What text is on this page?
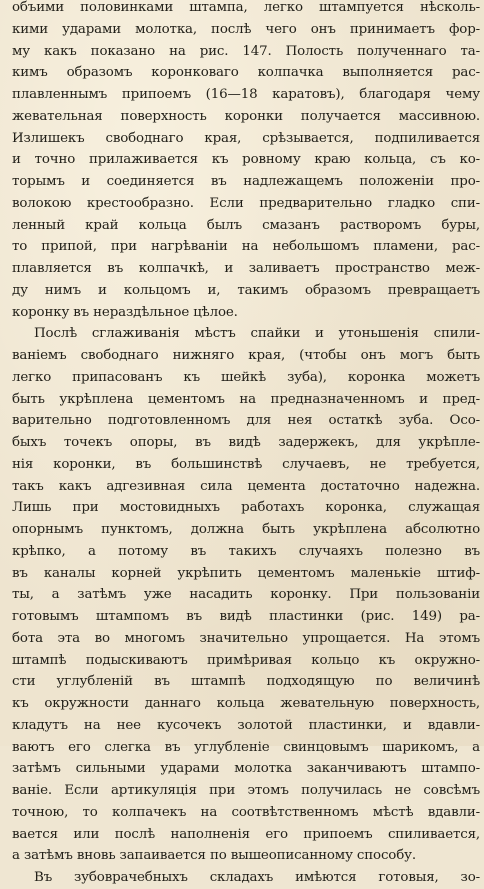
объими половинками штампа, легко штампуется нѣсколь-
кими ударами молотка, послѣ чего онъ принимаетъ фор-
му какъ показано на рис. 147. Полость полученнаго та-
кимъ образомъ коронковаго колпачка выполняется рас-
плавленнымъ припоемъ (16—18 каратовъ), благодаря чему
жевательная поверхность коронки получается массивною.
Излишекъ свободнаго края, срѣзывается, подпиливается
и точно прилаживается къ ровному краю кольца, съ ко-
торымъ и соединяется въ надлежащемъ положеніи про-
волокою крестообразно. Если предварительно гладко спи-
ленный край кольца былъ смазанъ растворомъ буры,
то припой, при нагрѣваніи на небольшомъ пламени, рас-
плавляется въ колпачкѣ, и заливаетъ пространство меж-
ду нимъ и кольцомъ и, такимъ образомъ превращаетъ
коронку въ нераздѣльное цѣлое.
Послѣ сглаживанія мѣстъ спайки и утоньшенія спили-
ваніемъ свободнаго нижняго края, (чтобы онъ могъ быть
легко припасованъ къ шейкѣ зуба), коронка можетъ
быть укрѣплена цементомъ на предназначенномъ и пред-
варительно подготовленномъ для нея остаткѣ зуба. Осо-
быхъ точекъ опоры, въ видѣ задержекъ, для укрѣпле-
нія коронки, въ большинствѣ случаевъ, не требуется,
такъ какъ адгезивная сила цемента достаточно надежна.
Лишь при мостовидныхъ работахъ коронка, служащая
опорнымъ пунктомъ, должна быть укрѣплена абсолютно
крѣпко, а потому въ такихъ случаяхъ полезно въ
въ каналы корней укрѣпить цементомъ маленькіе штиф-
ты, а затѣмъ уже насадить коронку. При пользованіи
готовымъ штампомъ въ видѣ пластинки (рис. 149) ра-
бота эта во многомъ значительно упрощается. На этомъ
штампѣ подыскиваютъ примѣривая кольцо къ окружно-
сти углубленій въ штампѣ подходящую по величинѣ
къ окружности даннаго кольца жевательную поверхность,
кладутъ на нее кусочекъ золотой пластинки, и вдавли-
ваютъ его слегка въ углубленіе свинцовымъ шарикомъ, а
затѣмъ сильными ударами молотка заканчиваютъ штампо-
ваніе. Если артикуляція при этомъ получилась не совсѣмъ
точною, то колпачекъ на соотвѣтственномъ мѣстѣ вдавли-
вается или послѣ наполненія его припоемъ спиливается,
а затѣмъ вновь запаивается по вышеописанному способу.
Въ зубоврачебныхъ складахъ имѣются готовыя, зо-
